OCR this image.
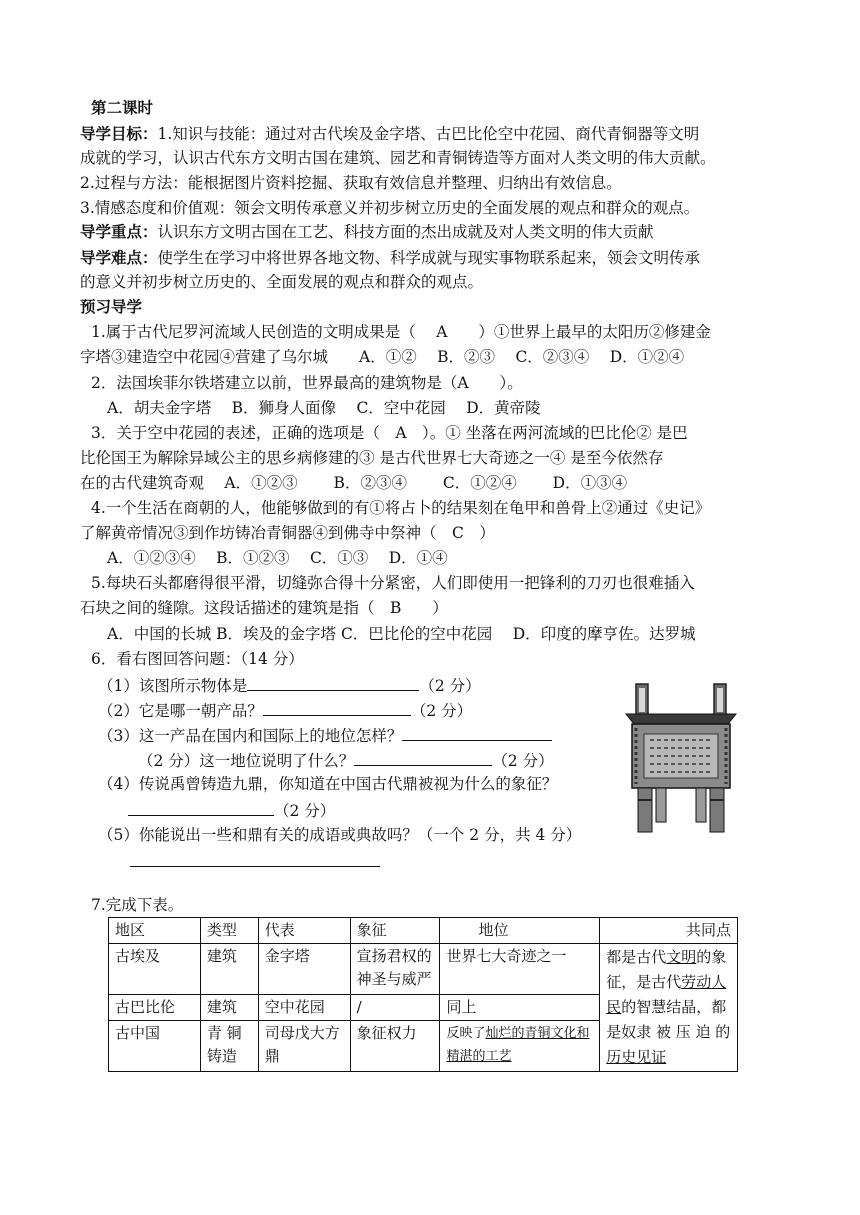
第二课时
导学目标：1.知识与技能：通过对古代埃及金字塔、古巴比伦空中花园、商代青铜器等文明
成就的学习，认识古代东方文明古国在建筑、园艺和青铜铸造等方面对人类文明的伟大贡献。
2.过程与方法：能根据图片资料挖掘、获取有效信息并整理、归纳出有效信息。
3.情感态度和价值观：领会文明传承意义并初步树立历史的全面发展的观点和群众的观点。
导学重点：认识东方文明古国在工艺、科技方面的杰出成就及对人类文明的伟大贡献
导学难点：使学生在学习中将世界各地文物、科学成就与现实事物联系起来，领会文明传承
的意义并初步树立历史的、全面发展的观点和群众的观点。
预习导学
1.属于古代尼罗河流域人民创造的文明成果是（　 A　　）①世界上最早的太阳历②修建金
字塔③建造空中花园④营建了乌尔城　　A．①②　 B．②③　 C．②③④　 D．①②④
2．法国埃菲尔铁塔建立以前，世界最高的建筑物是（A　　）。
A．胡夫金字塔　 B．狮身人面像　 C．空中花园　 D．黄帝陵
3．关于空中花园的表述，正确的选项是（　A　）。① 坐落在两河流域的巴比伦② 是巴
比伦国王为解除异域公主的思乡病修建的③ 是古代世界七大奇迹之一④ 是至今依然存
在的古代建筑奇观　 A．①②③　　 B．②③④　　 C．①②④　　 D．①③④
4.一个生活在商朝的人，他能够做到的有①将占卜的结果刻在龟甲和兽骨上②通过《史记》
了解黄帝情况③到作坊铸冶青铜器④到佛寺中祭神（　C　）
A．①②③④　 B．①②③　 C．①③　 D．①④
5.每块石头都磨得很平滑，切缝弥合得十分紧密，人们即使用一把锋利的刀刃也很难插入
石块之间的缝隙。这段话描述的建筑是指（　B　　）
A．中国的长城 B．埃及的金字塔 C．巴比伦的空中花园　 D．印度的摩亨佐。达罗城
6．看右图回答问题：（14 分）
（1）该图所示物体是	（2 分）
（2）它是哪一朝产品？	（2 分）
（3）这一产品在国内和国际上的地位怎样？
（2 分）这一地位说明了什么？	（2 分）
（4）传说禹曾铸造九鼎，你知道在中国古代鼎被视为什么的象征？
（2 分）
（5）你能说出一些和鼎有关的成语或典故吗？（一个 2 分，共 4 分）
7.完成下表。
地区	类型	代表	象征	地位	共同点
古埃及	建筑	金字塔	宣扬君权的神圣与威严	世界七大奇迹之一	都是古代文明的象征，是古代劳动人民的智慧结晶，都是奴隶 被 压 迫 的历史见证
古巴比伦	建筑	空中花园	/	同上	
古中国	青 铜铸造	司母戊大方鼎	象征权力	反映了灿烂的青铜文化和精湛的工艺	
